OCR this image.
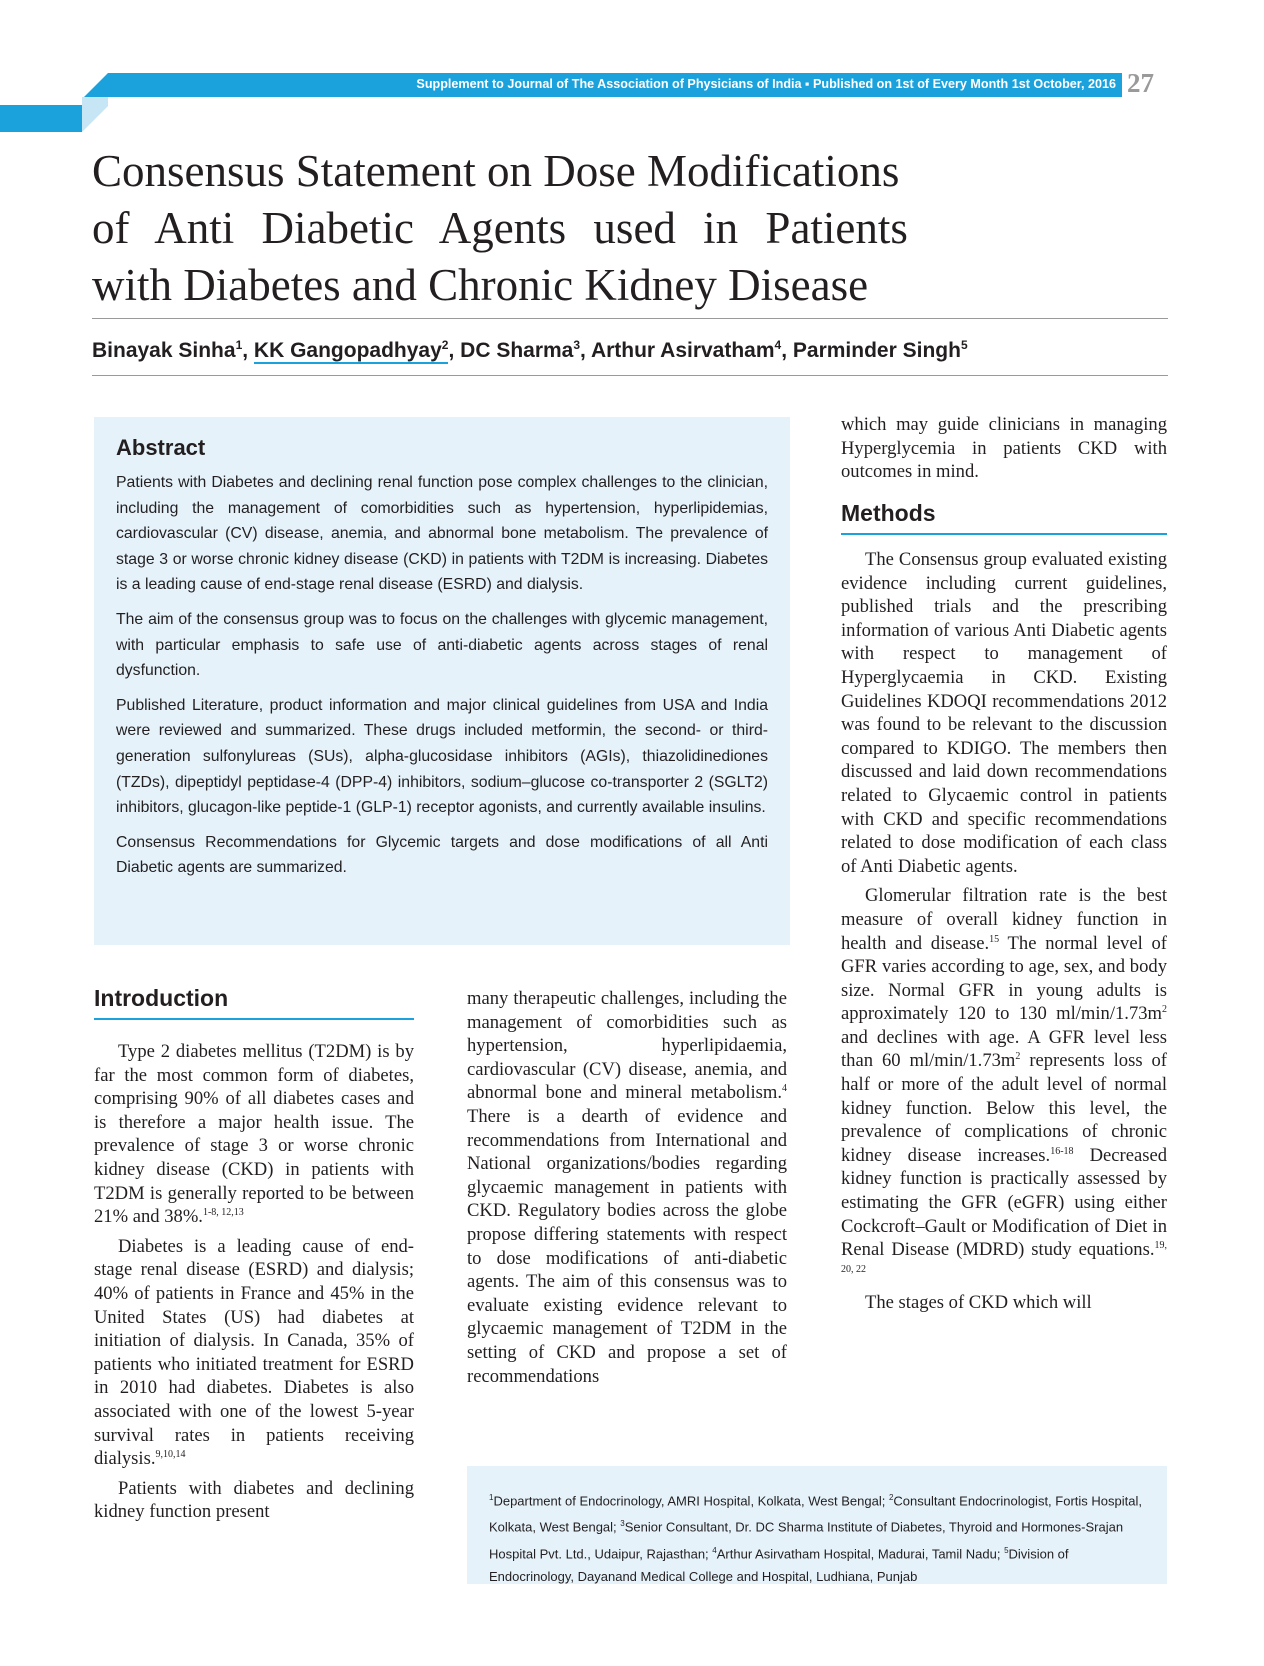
Supplement to Journal of The Association of Physicians of India ▪ Published on 1st of Every Month 1st October, 2016 27
Consensus Statement on Dose Modifications
of Anti Diabetic Agents used in Patients
with Diabetes and Chronic Kidney Disease
Binayak Sinha$^1$, KK Gangopadhyay$^2$, DC Sharma$^3$, Arthur Asirvatham$^4$, Parminder Singh$^5$
Abstract

Patients with Diabetes and declining renal function pose complex challenges to the clinician, including the management of comorbidities such as hypertension, hyperlipidemias, cardiovascular (CV) disease, anemia, and abnormal bone metabolism. The prevalence of stage 3 or worse chronic kidney disease (CKD) in patients with T2DM is increasing. Diabetes is a leading cause of end-stage renal disease (ESRD) and dialysis.

The aim of the consensus group was to focus on the challenges with glycemic management, with particular emphasis to safe use of anti-diabetic agents across stages of renal dysfunction.

Published Literature, product information and major clinical guidelines from USA and India were reviewed and summarized. These drugs included metformin, the second- or third-generation sulfonylureas (SUs), alpha-glucosidase inhibitors (AGIs), thiazolidinediones (TZDs), dipeptidyl peptidase-4 (DPP-4) inhibitors, sodium–glucose co-transporter 2 (SGLT2) inhibitors, glucagon-like peptide-1 (GLP-1) receptor agonists, and currently available insulins.

Consensus Recommendations for Glycemic targets and dose modifications of all Anti Diabetic agents are summarized.

Introduction

Type 2 diabetes mellitus (T2DM) is by far the most common form of diabetes, comprising 90% of all diabetes cases and is therefore a major health issue. The prevalence of stage 3 or worse chronic kidney disease (CKD) in patients with T2DM is generally reported to be between 21% and 38%.$^{1-8, 12,13}$

Diabetes is a leading cause of end-stage renal disease (ESRD) and dialysis; 40% of patients in France and 45% in the United States (US) had diabetes at initiation of dialysis. In Canada, 35% of patients who initiated treatment for ESRD in 2010 had diabetes. Diabetes is also associated with one of the lowest 5-year survival rates in patients receiving dialysis.$^{9,10,14}$

Patients with diabetes and declining kidney function present

many therapeutic challenges, including the management of comorbidities such as hypertension, hyperlipidaemia, cardiovascular (CV) disease, anemia, and abnormal bone and mineral metabolism.$^4$ There is a dearth of evidence and recommendations from International and National organizations/bodies regarding glycaemic management in patients with CKD. Regulatory bodies across the globe propose differing statements with respect to dose modifications of anti-diabetic agents. The aim of this consensus was to evaluate existing evidence relevant to glycaemic management of T2DM in the setting of CKD and propose a set of recommendations

which may guide clinicians in managing Hyperglycemia in patients CKD with outcomes in mind.

Methods

The Consensus group evaluated existing evidence including current guidelines, published trials and the prescribing information of various Anti Diabetic agents with respect to management of Hyperglycaemia in CKD. Existing Guidelines KDOQI recommendations 2012 was found to be relevant to the discussion compared to KDIGO. The members then discussed and laid down recommendations related to Glycaemic control in patients with CKD and specific recommendations related to dose modification of each class of Anti Diabetic agents.

Glomerular filtration rate is the best measure of overall kidney function in health and disease.$^{15}$ The normal level of GFR varies according to age, sex, and body size. Normal GFR in young adults is approximately 120 to 130 $ml/\min/1.73m^2$ and declines with age. A GFR level less than 60 $ml/\min/1.73m^2$ represents loss of half or more of the adult level of normal kidney function. Below this level, the prevalence of complications of chronic kidney disease increases.$^{16-18}$ Decreased kidney function is practically assessed by estimating the GFR (eGFR) using either Cockcroft–Gault or Modification of Diet in Renal Disease (MDRD) study equations.$^{19, 20, 22}$

The stages of CKD which will

$^1$Department of Endocrinology, AMRI Hospital, Kolkata, West Bengal; $^2$Consultant Endocrinologist, Fortis Hospital, Kolkata, West Bengal; $^3$Senior Consultant, Dr. DC Sharma Institute of Diabetes, Thyroid and Hormones-Srajan Hospital Pvt. Ltd., Udaipur, Rajasthan; $^4$Arthur Asirvatham Hospital, Madurai, Tamil Nadu; $^5$Division of Endocrinology, Dayanand Medical College and Hospital, Ludhiana, Punjab
